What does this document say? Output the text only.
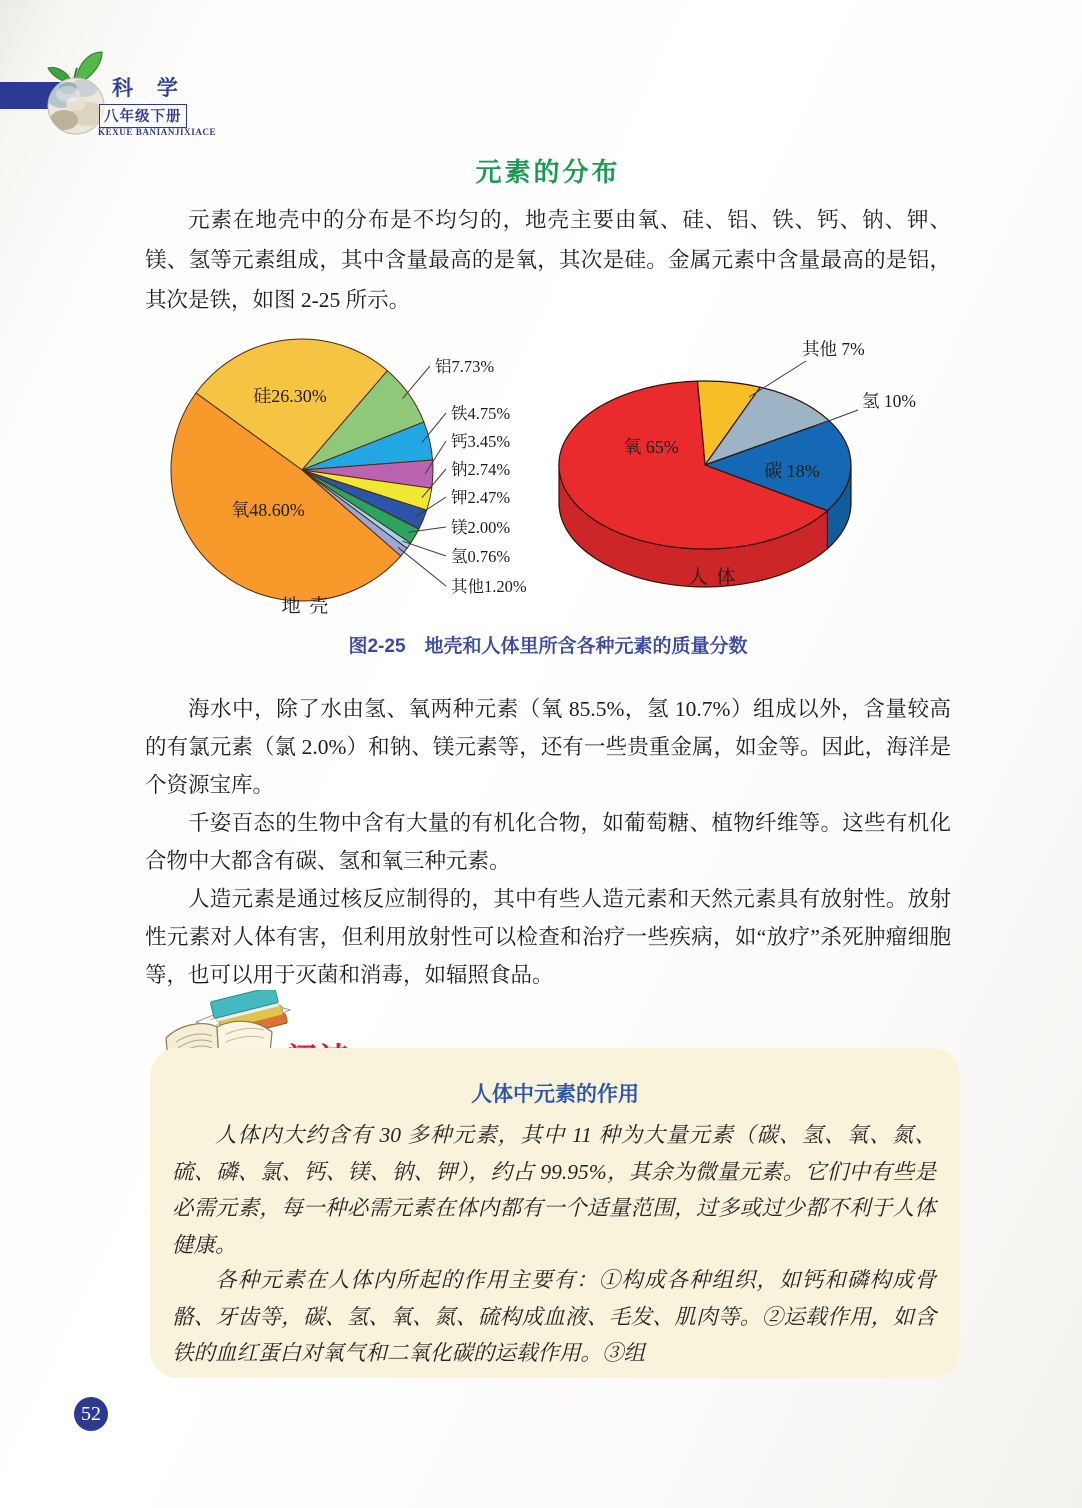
科 学
八年级下册
KEXUE BANIANJIXIACE
元素的分布

元素在地壳中的分布是不均匀的，地壳主要由氧、硅、铝、铁、钙、钠、钾、镁、氢等元素组成，其中含量最高的是氧，其次是硅。金属元素中含量最高的是铝，其次是铁，如图 2-25 所示。

铝7.73%
铁4.75%
钙3.45%
钠2.74%
钾2.47%
镁2.00%
氢0.76%
其他1.20%
硅26.30%
氧48.60%
地 壳
其他 7%
氢 10%
碳 18%
氧 65%
人 体
图2-25　地壳和人体里所含各种元素的质量分数

海水中，除了水由氢、氧两种元素（氧 85.5%，氢 10.7%）组成以外，含量较高的有氯元素（氯 2.0%）和钠、镁元素等，还有一些贵重金属，如金等。因此，海洋是个资源宝库。

千姿百态的生物中含有大量的有机化合物，如葡萄糖、植物纤维等。这些有机化合物中大都含有碳、氢和氧三种元素。

人造元素是通过核反应制得的，其中有些人造元素和天然元素具有放射性。放射性元素对人体有害，但利用放射性可以检查和治疗一些疾病，如“放疗”杀死肿瘤细胞等，也可以用于灭菌和消毒，如辐照食品。

人体中元素的作用

人体内大约含有 30 多种元素，其中 11 种为大量元素（碳、氢、氧、氮、硫、磷、氯、钙、镁、钠、钾），约占 99.95%，其余为微量元素。它们中有些是必需元素，每一种必需元素在体内都有一个适量范围，过多或过少都不利于人体健康。

各种元素在人体内所起的作用主要有：①构成各种组织，如钙和磷构成骨骼、牙齿等，碳、氢、氧、氮、硫构成血液、毛发、肌肉等。②运载作用，如含铁的血红蛋白对氧气和二氧化碳的运载作用。③组

52
